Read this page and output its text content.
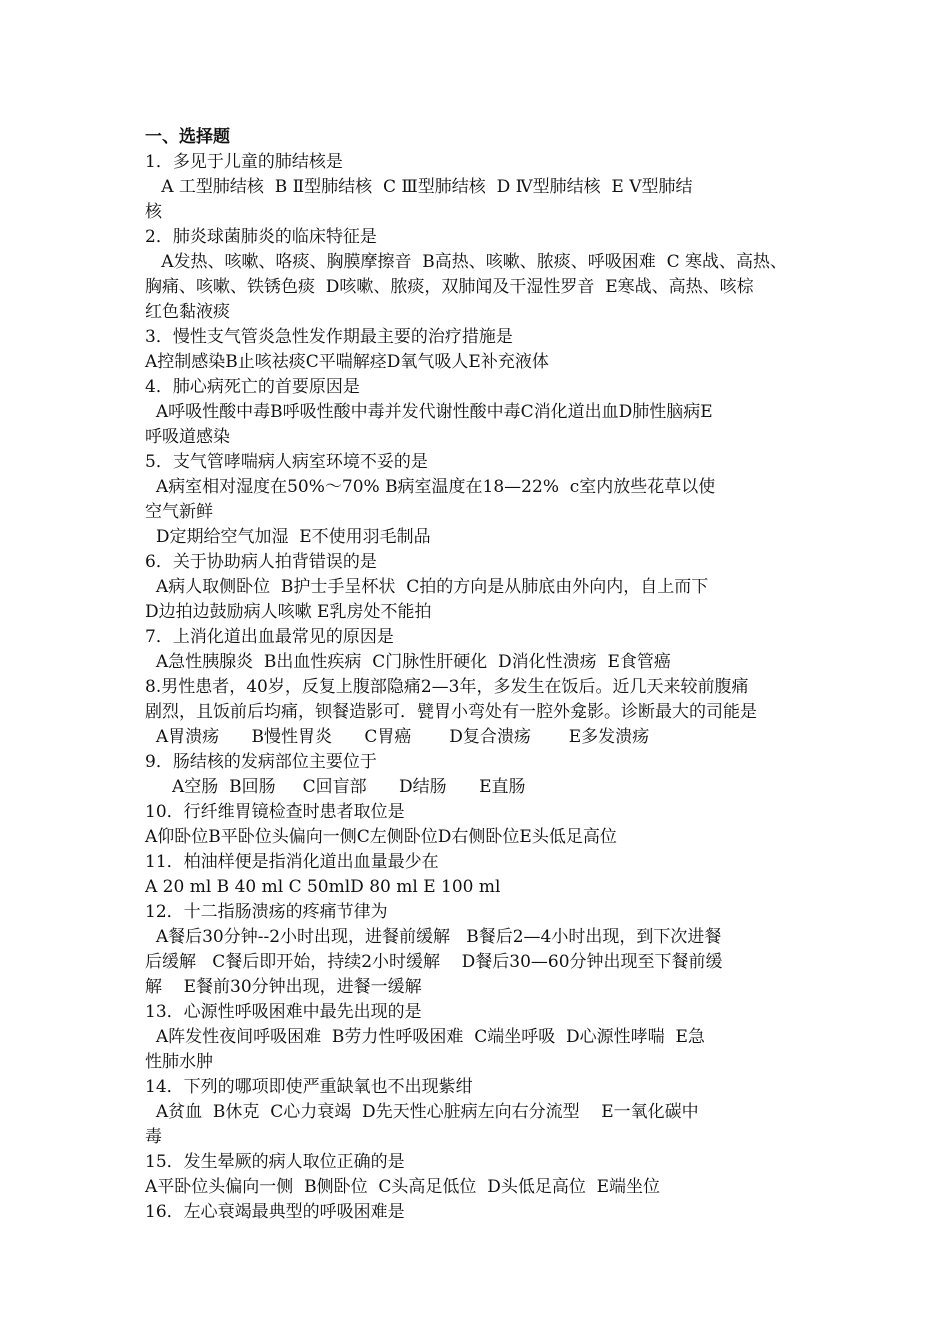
一、选择题

1．多见于儿童的肺结核是

A 工型肺结核  B Ⅱ型肺结核  C Ⅲ型肺结核  D Ⅳ型肺结核  E Ⅴ型肺结

核

2．肺炎球菌肺炎的临床特征是

A发热、咳嗽、咯痰、胸膜摩擦音  B高热、咳嗽、脓痰、呼吸困难  C 寒战、高热、

胸痛、咳嗽、铁锈色痰  D咳嗽、脓痰，双肺闻及干湿性罗音  E寒战、高热、咳棕

红色黏液痰

3．慢性支气管炎急性发作期最主要的治疗措施是

A控制感染B止咳祛痰C平喘解痉D氧气吸人E补充液体

4．肺心病死亡的首要原因是

A呼吸性酸中毒B呼吸性酸中毒并发代谢性酸中毒C消化道出血D肺性脑病E

呼吸道感染

5．支气管哮喘病人病室环境不妥的是

A病室相对湿度在50%～70% B病室温度在18—22%  c室内放些花草以使

空气新鲜

D定期给空气加湿  E不使用羽毛制品

6．关于协助病人拍背错误的是

A病人取侧卧位  B护士手呈杯状  C拍的方向是从肺底由外向内，自上而下

D边拍边鼓励病人咳嗽 E乳房处不能拍

7．上消化道出血最常见的原因是

A急性胰腺炎  B出血性疾病  C门脉性肝硬化  D消化性溃疡  E食管癌

8.男性患者，40岁，反复上腹部隐痛2—3年，多发生在饭后。近几天来较前腹痛

剧烈，且饭前后均痛，钡餐造影可．甓胃小弯处有一腔外龛影。诊断最大的司能是

A胃溃疡      B慢性胃炎      C胃癌       D复合溃疡       E多发溃疡

9．肠结核的发病部位主要位于

A空肠  B回肠     C回盲部      D结肠      E直肠

10．行纤维胃镜检查时患者取位是

A仰卧位B平卧位头偏向一侧C左侧卧位D右侧卧位E头低足高位

11．柏油样便是指消化道出血量最少在

A 20 ml B 40 ml C 50mlD 80 ml E 100 ml

12．十二指肠溃疡的疼痛节律为

A餐后30分钟--2小时出现，进餐前缓解   B餐后2—4小时出现，到下次进餐

后缓解   C餐后即开始，持续2小时缓解    D餐后30—60分钟出现至下餐前缓

解    E餐前30分钟出现，进餐一缓解

13．心源性呼吸困难中最先出现的是

A阵发性夜间呼吸困难  B劳力性呼吸困难  C端坐呼吸  D心源性哮喘  E急

性肺水肿

14．下列的哪项即使严重缺氧也不出现紫绀

A贫血  B休克  C心力衰竭  D先天性心脏病左向右分流型    E一氧化碳中

毒

15．发生晕厥的病人取位正确的是

A平卧位头偏向一侧  B侧卧位  C头高足低位  D头低足高位  E端坐位

16．左心衰竭最典型的呼吸困难是
